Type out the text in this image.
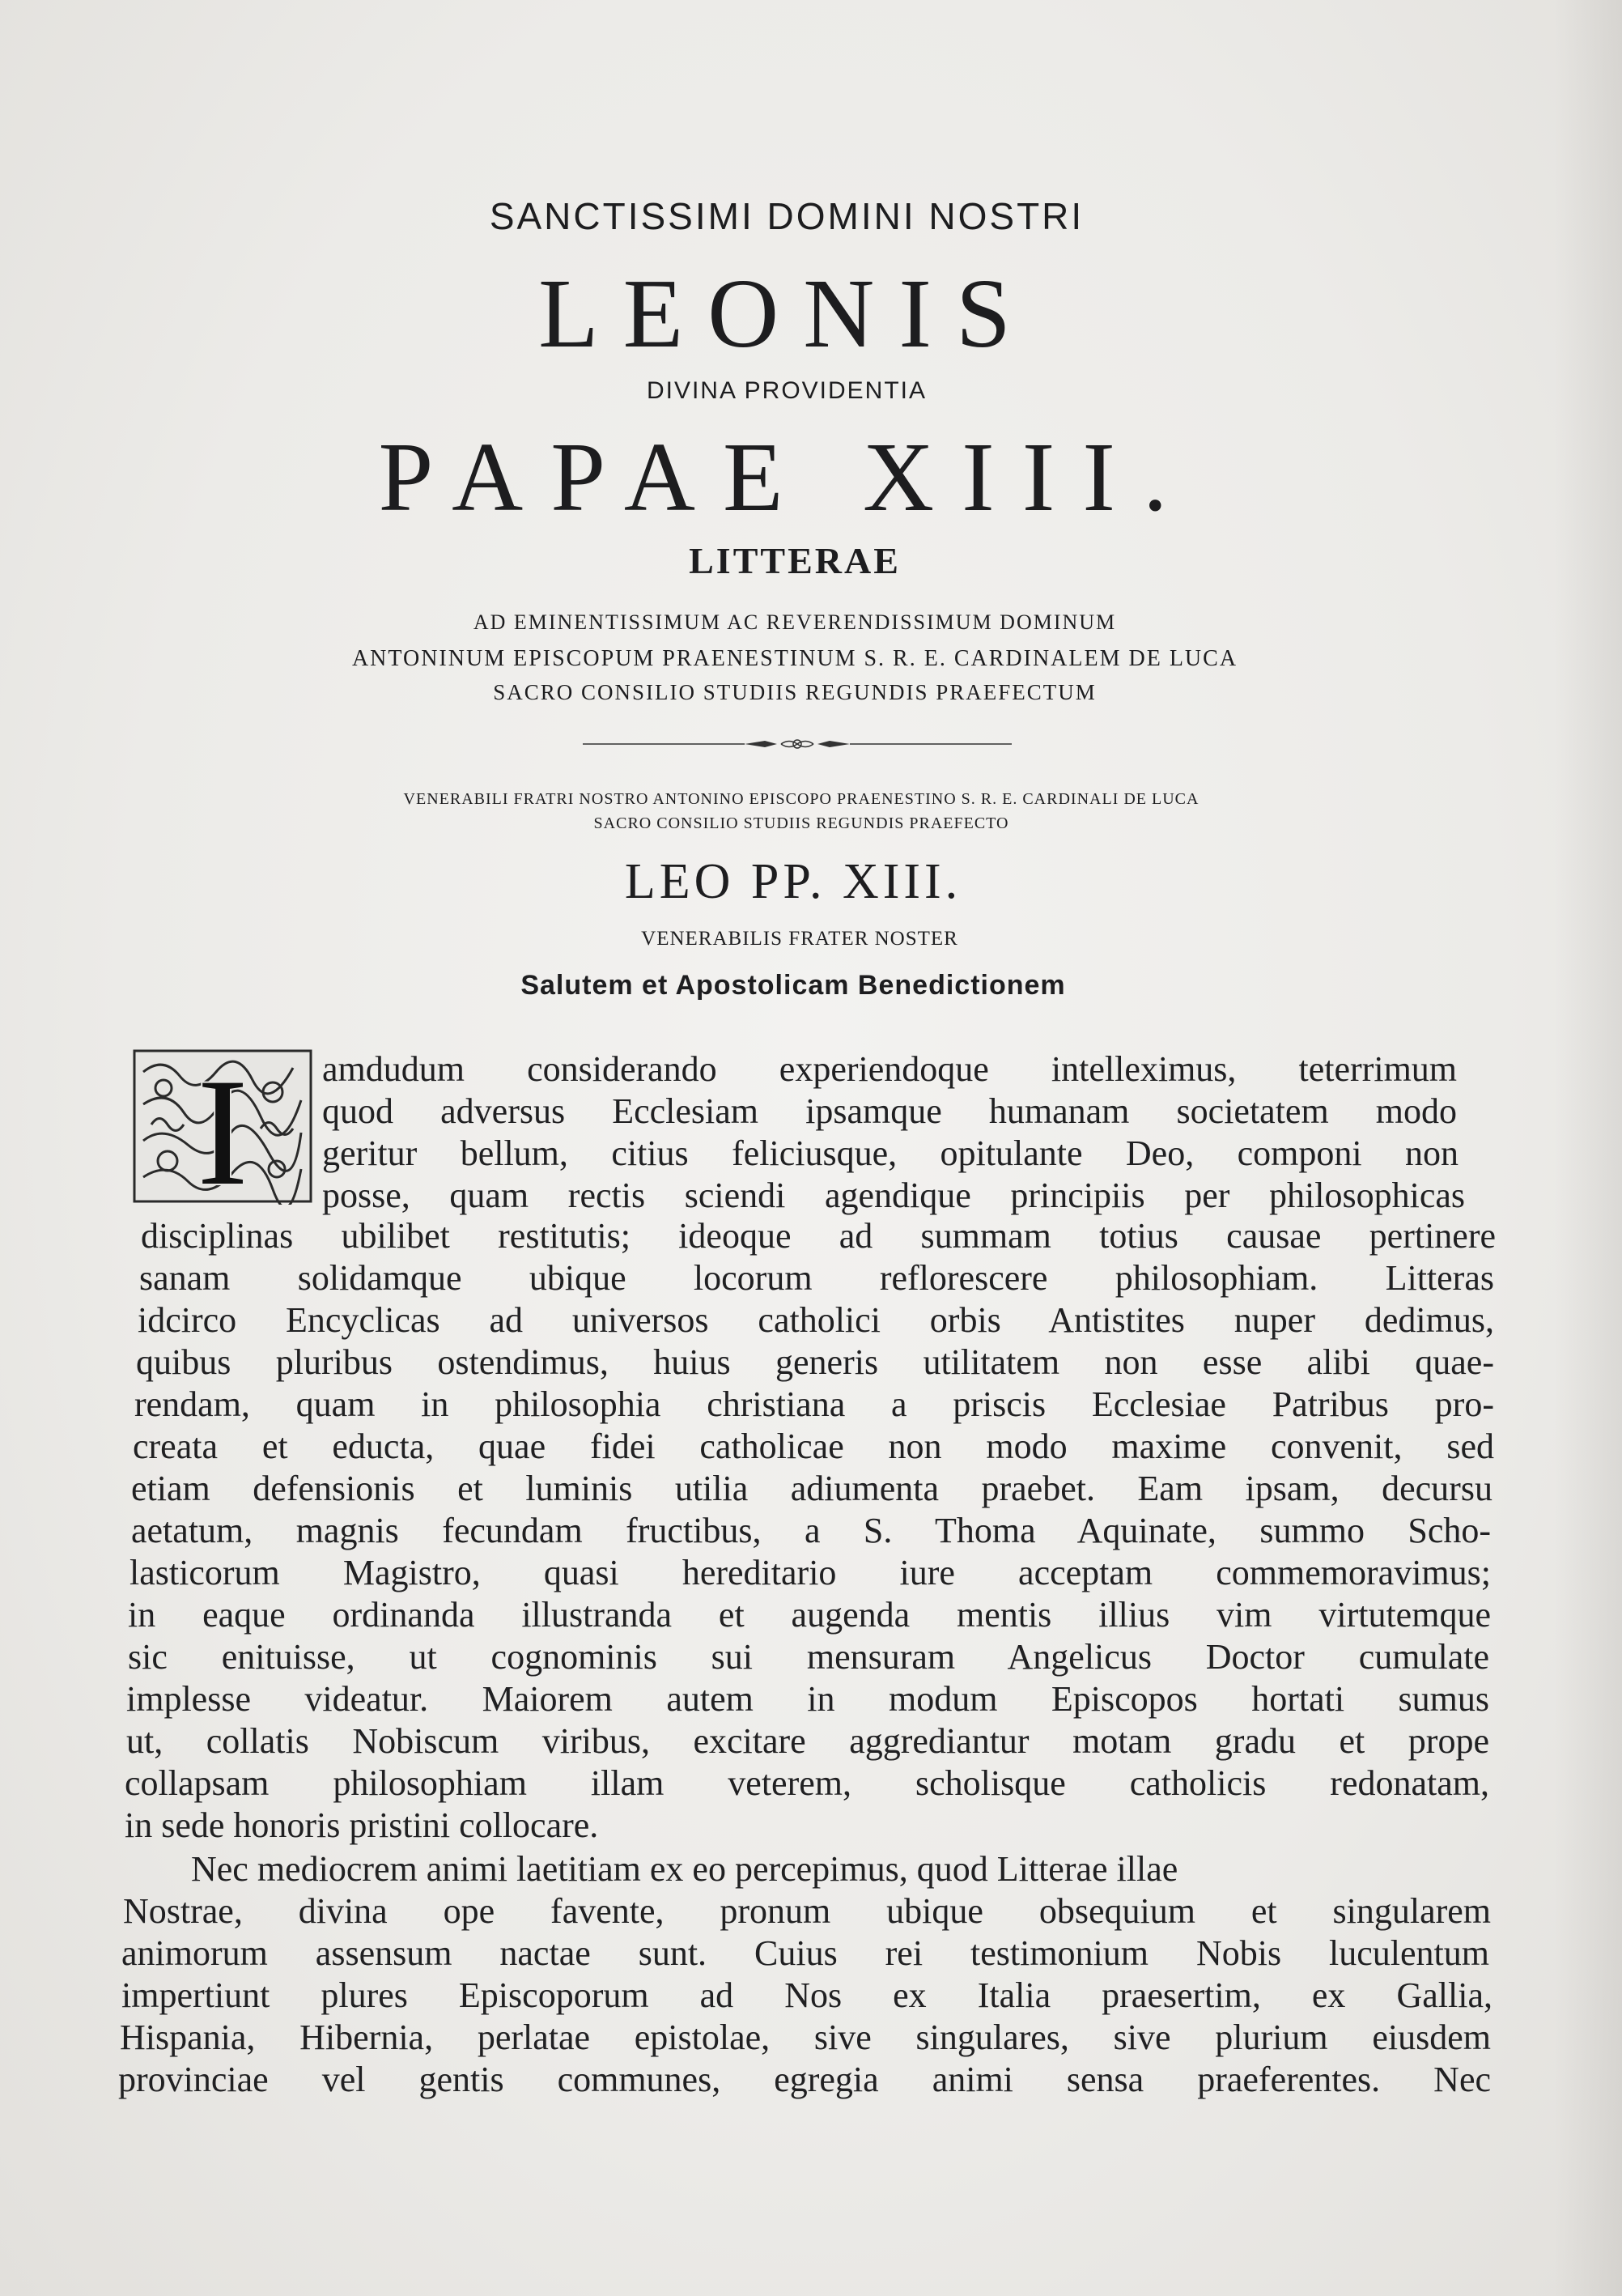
SANCTISSIMI DOMINI NOSTRI
LEONIS
DIVINA PROVIDENTIA
PAPAE XIII.
LITTERAE
AD EMINENTISSIMUM AC REVERENDISSIMUM DOMINUM
ANTONINUM EPISCOPUM PRAENESTINUM S. R. E. CARDINALEM DE LUCA
SACRO CONSILIO STUDIIS REGUNDIS PRAEFECTUM
VENERABILI FRATRI NOSTRO ANTONINO EPISCOPO PRAENESTINO S. R. E. CARDINALI DE LUCA
SACRO CONSILIO STUDIIS REGUNDIS PRAEFECTO
LEO PP. XIII.
VENERABILIS FRATER NOSTER
Salutem et Apostolicam Benedictionem
I amdudum considerando experiendoque intelleximus, teterrimum
quod adversus Ecclesiam ipsamque humanam societatem modo
geritur bellum, citius feliciusque, opitulante Deo, componi non
posse, quam rectis sciendi agendique principiis per philosophicas
disciplinas ubilibet restitutis; ideoque ad summam totius causae pertinere
sanam solidamque ubique locorum reflorescere philosophiam. Litteras
idcirco Encyclicas ad universos catholici orbis Antistites nuper dedimus,
quibus pluribus ostendimus, huius generis utilitatem non esse alibi quae-
rendam, quam in philosophia christiana a priscis Ecclesiae Patribus pro-
creata et educta, quae fidei catholicae non modo maxime convenit, sed
etiam defensionis et luminis utilia adiumenta praebet. Eam ipsam, decursu
aetatum, magnis fecundam fructibus, a S. Thoma Aquinate, summo Scho-
lasticorum Magistro, quasi hereditario iure acceptam commemoravimus;
in eaque ordinanda illustranda et augenda mentis illius vim virtutemque
sic enituisse, ut cognominis sui mensuram Angelicus Doctor cumulate
implesse videatur. Maiorem autem in modum Episcopos hortati sumus
ut, collatis Nobiscum viribus, excitare aggrediantur motam gradu et prope
collapsam philosophiam illam veterem, scholisque catholicis redonatam,
in sede honoris pristini collocare.
Nec mediocrem animi laetitiam ex eo percepimus, quod Litterae illae
Nostrae, divina ope favente, pronum ubique obsequium et singularem
animorum assensum nactae sunt. Cuius rei testimonium Nobis luculentum
impertiunt plures Episcoporum ad Nos ex Italia praesertim, ex Gallia,
Hispania, Hibernia, perlatae epistolae, sive singulares, sive plurium eiusdem
provinciae vel gentis communes, egregia animi sensa praeferentes. Nec
